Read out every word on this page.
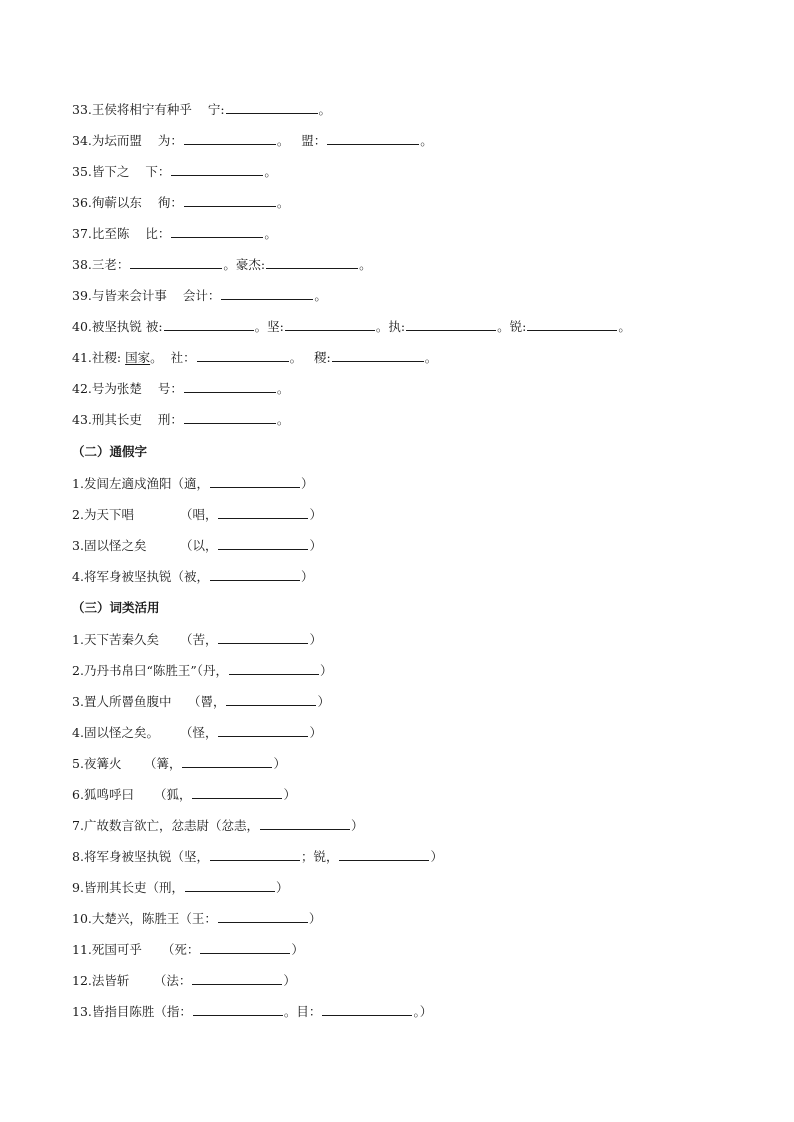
33.王侯将相宁有种乎 宁:	。
34.为坛而盟 为：	。 盟：	。
35.皆下之 下：	。
36.徇蕲以东 徇：	。
37.比至陈 比：	。
38.三老：	。豪杰:	。
39.与皆来会计事 会计：	。
40.被坚执锐 被:	。坚:	。执:	。锐:	。
41.社稷: 国家。 社：	。 稷:	。
42.号为张楚 号：	。
43.刑其长吏 刑：	。
（二）通假字
1.发闾左適戍渔阳（適，	）
2.为天下唱	（唱，	）
3.固以怪之矣	（以，	）
4.将军身被坚执锐（被，	）
（三）词类活用
1.天下苦秦久矣 （苦，	）
2.乃丹书帛曰“陈胜王”（丹，	）
3.置人所罾鱼腹中 （罾，	）
4.固以怪之矣。 （怪，	）
5.夜篝火 （篝，	）
6.狐鸣呼曰 （狐，	）
7.广故数言欲亡，忿恚尉（忿恚，	）
8.将军身被坚执锐（坚，	；锐，	）
9.皆刑其长吏（刑，	）
10.大楚兴，陈胜王（王：	）
11.死国可乎 （死：	）
12.法皆斩 （法：	）
13.皆指目陈胜（指：	。目：	。）
